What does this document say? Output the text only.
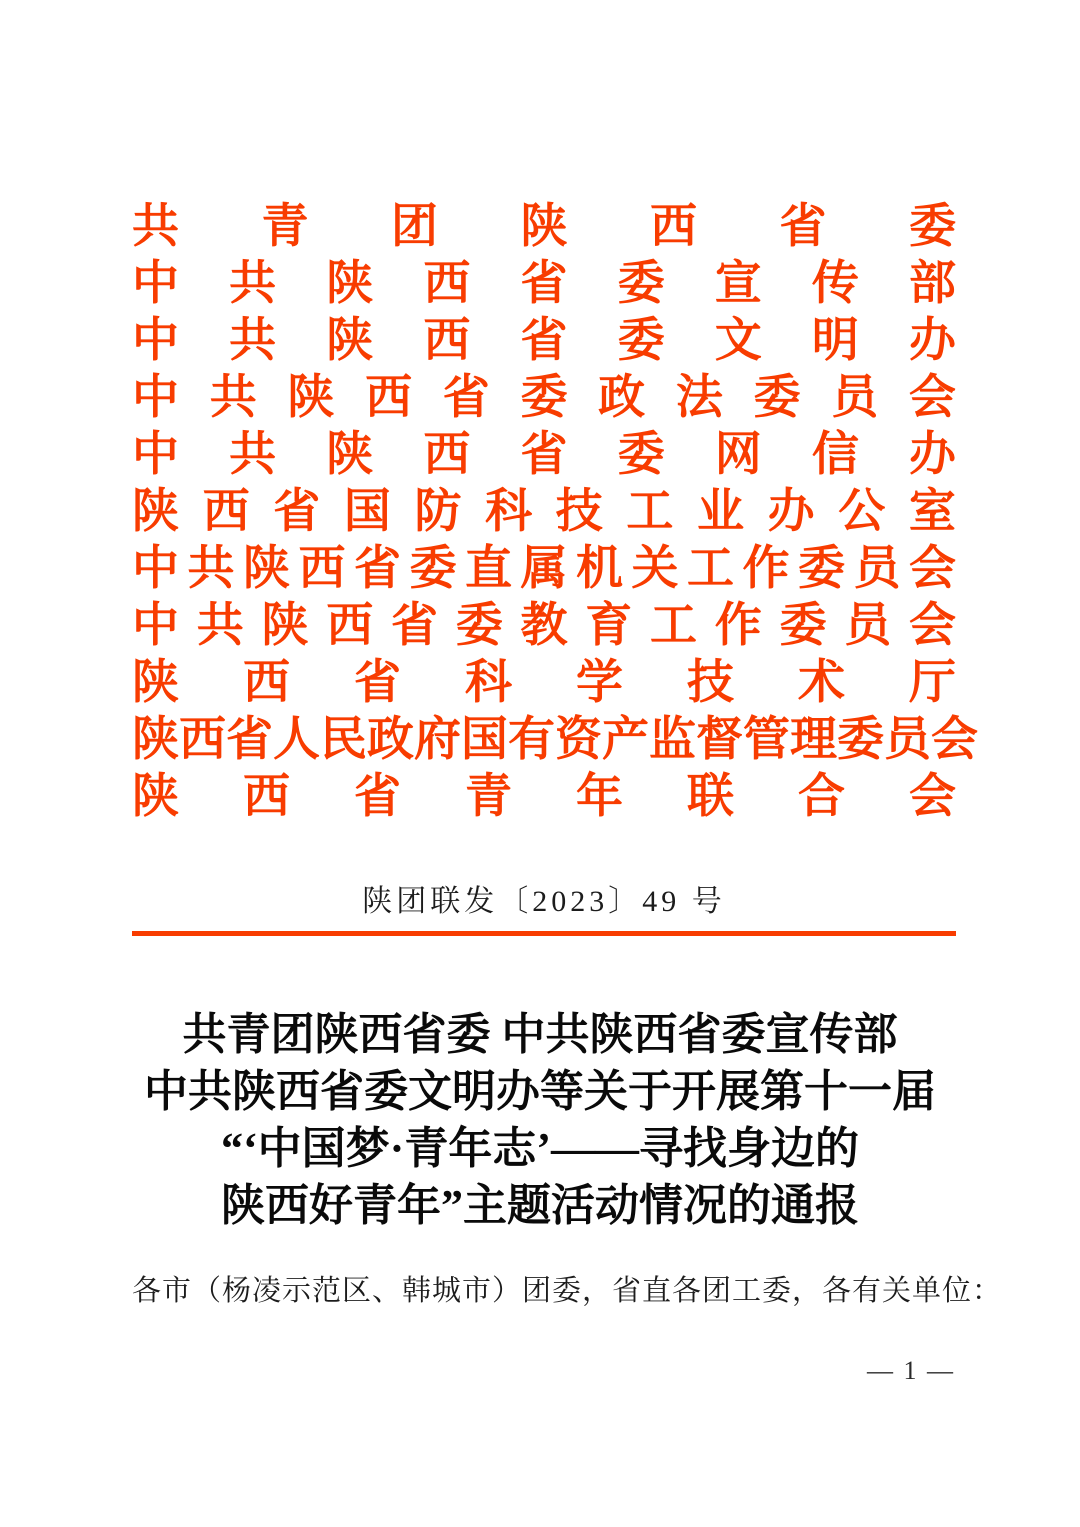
共 青 团 陕 西 省 委
中 共 陕 西 省 委 宣 传 部
中 共 陕 西 省 委 文 明 办
中 共 陕 西 省 委 政 法 委 员 会
中 共 陕 西 省 委 网 信 办
陕 西 省 国 防 科 技 工 业 办 公 室
中 共 陕 西 省 委 直 属 机 关 工 作 委 员 会
中 共 陕 西 省 委 教 育 工 作 委 员 会
陕 西 省 科 学 技 术 厅
陕 西 省 人 民 政 府 国 有 资 产 监 督 管 理 委 员 会
陕 西 省 青 年 联 合 会
陕团联发〔2023〕49 号
共青团陕西省委 中共陕西省委宣传部
中共陕西省委文明办等关于开展第十一届
“‘中国梦·青年志’——寻找身边的
陕西好青年”主题活动情况的通报
各市（杨凌示范区、韩城市）团委，省直各团工委，各有关单位：
— 1 —
